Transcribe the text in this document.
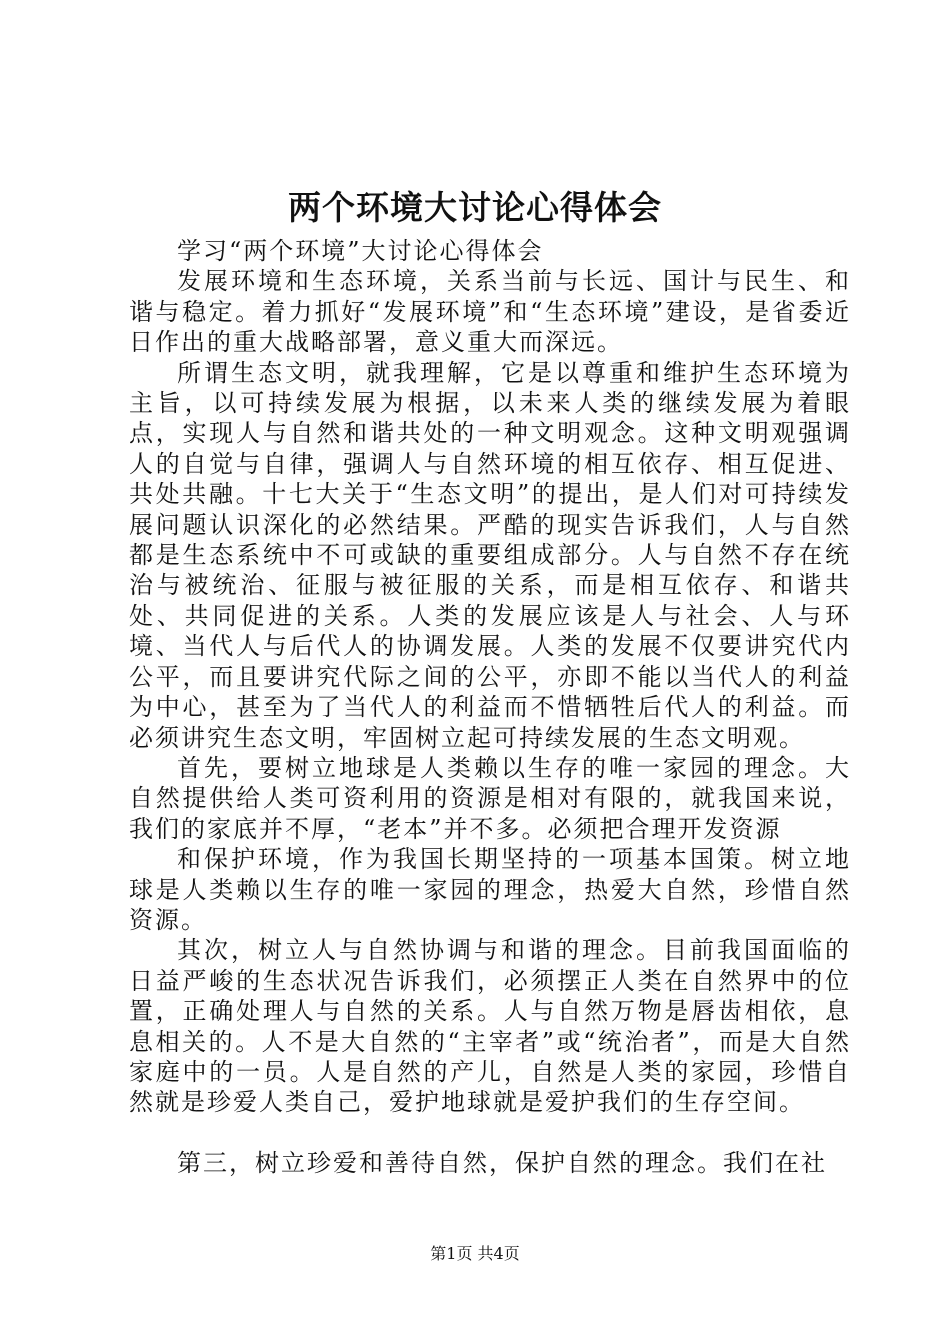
两个环境大讨论心得体会

学习“两个环境”大讨论心得体会

发展环境和生态环境，关系当前与长远、国计与民生、和谐与稳定。着力抓好“发展环境”和“生态环境”建设，是省委近日作出的重大战略部署，意义重大而深远。

所谓生态文明，就我理解，它是以尊重和维护生态环境为主旨，以可持续发展为根据，以未来人类的继续发展为着眼点，实现人与自然和谐共处的一种文明观念。这种文明观强调人的自觉与自律，强调人与自然环境的相互依存、相互促进、共处共融。十七大关于“生态文明”的提出，是人们对可持续发展问题认识深化的必然结果。严酷的现实告诉我们，人与自然都是生态系统中不可或缺的重要组成部分。人与自然不存在统治与被统治、征服与被征服的关系，而是相互依存、和谐共处、共同促进的关系。人类的发展应该是人与社会、人与环境、当代人与后代人的协调发展。人类的发展不仅要讲究代内公平，而且要讲究代际之间的公平，亦即不能以当代人的利益为中心，甚至为了当代人的利益而不惜牺牲后代人的利益。而必须讲究生态文明，牢固树立起可持续发展的生态文明观。

首先，要树立地球是人类赖以生存的唯一家园的理念。大自然提供给人类可资利用的资源是相对有限的，就我国来说，我们的家底并不厚，“老本”并不多。必须把合理开发资源

和保护环境，作为我国长期坚持的一项基本国策。树立地球是人类赖以生存的唯一家园的理念，热爱大自然，珍惜自然资源。

其次，树立人与自然协调与和谐的理念。目前我国面临的日益严峻的生态状况告诉我们，必须摆正人类在自然界中的位置，正确处理人与自然的关系。人与自然万物是唇齿相依，息息相关的。人不是大自然的“主宰者”或“统治者”，而是大自然家庭中的一员。人是自然的产儿，自然是人类的家园，珍惜自然就是珍爱人类自己，爱护地球就是爱护我们的生存空间。

第三，树立珍爱和善待自然，保护自然的理念。我们在社

第1页 共4页
